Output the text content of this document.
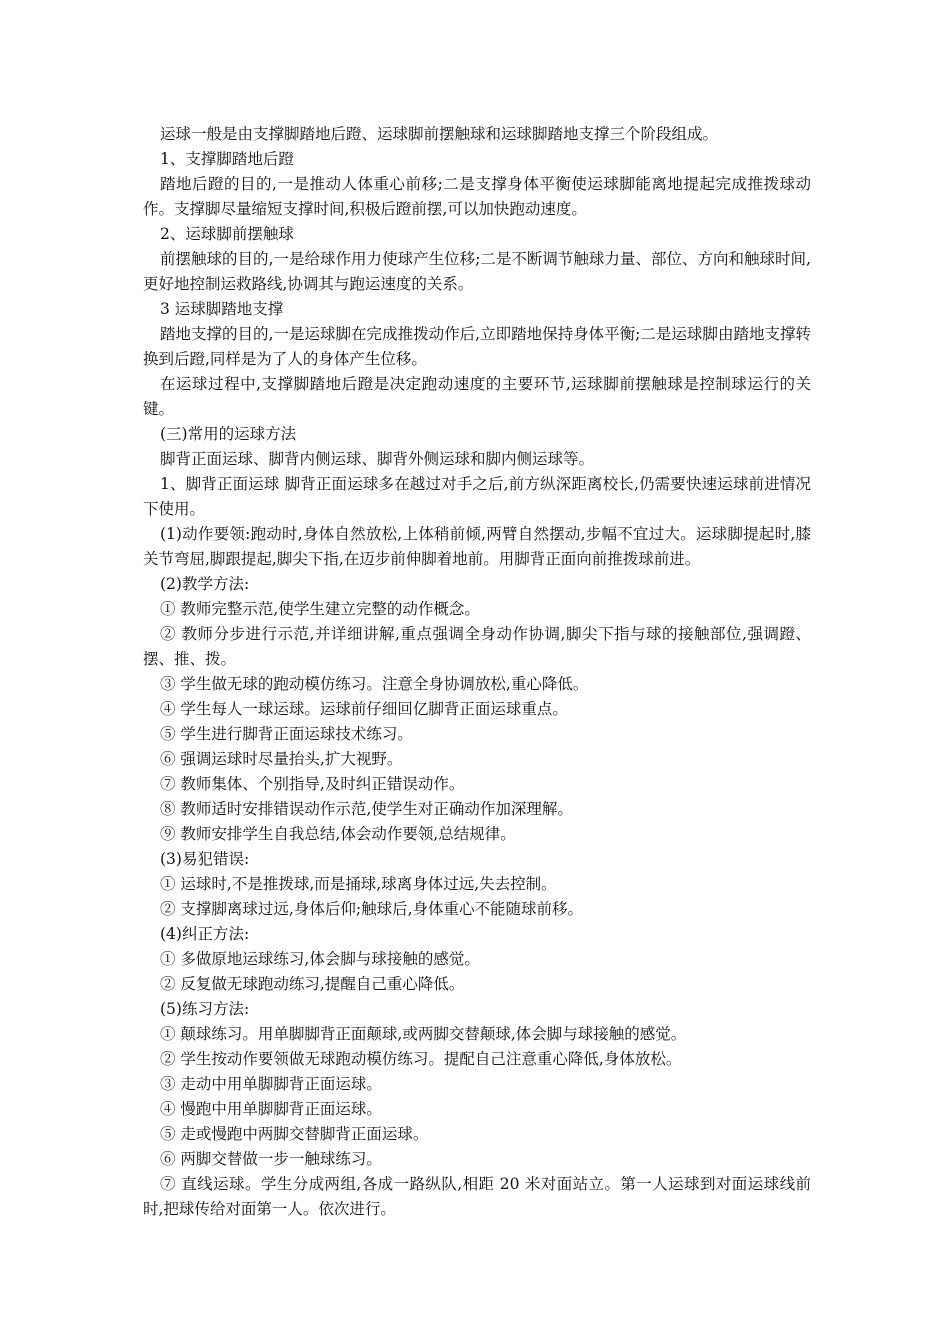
运球一般是由支撑脚踏地后蹬、运球脚前摆触球和运球脚踏地支撑三个阶段组成。

1、支撑脚踏地后蹬

踏地后蹬的目的,一是推动人体重心前移;二是支撑身体平衡使运球脚能离地提起完成推拨球动作。支撑脚尽量缩短支撑时间,积极后蹬前摆,可以加快跑动速度。

2、运球脚前摆触球

前摆触球的目的,一是给球作用力使球产生位移;二是不断调节触球力量、部位、方向和触球时间,更好地控制运救路线,协调其与跑运速度的关系。

3 运球脚踏地支撑

踏地支撑的目的,一是运球脚在完成推拨动作后,立即踏地保持身体平衡;二是运球脚由踏地支撑转换到后蹬,同样是为了人的身体产生位移。

在运球过程中,支撑脚踏地后蹬是决定跑动速度的主要环节,运球脚前摆触球是控制球运行的关键。

(三)常用的运球方法

脚背正面运球、脚背内侧运球、脚背外侧运球和脚内侧运球等。

1、脚背正面运球 脚背正面运球多在越过对手之后,前方纵深距离校长,仍需要快速运球前进情况下使用。

(1)动作要领:跑动时,身体自然放松,上体稍前倾,两臂自然摆动,步幅不宜过大。运球脚提起时,膝关节弯屈,脚跟提起,脚尖下指,在迈步前伸脚着地前。用脚背正面向前推拨球前进。

(2)教学方法:

① 教师完整示范,使学生建立完整的动作概念。

② 教师分步进行示范,并详细讲解,重点强调全身动作协调,脚尖下指与球的接触部位,强调蹬、摆、推、拨。

③ 学生做无球的跑动模仿练习。注意全身协调放松,重心降低。

④ 学生每人一球运球。运球前仔细回亿脚背正面运球重点。

⑤ 学生进行脚背正面运球技术练习。

⑥ 强调运球时尽量抬头,扩大视野。

⑦ 教师集体、个别指导,及时纠正错误动作。

⑧ 教师适时安排错误动作示范,使学生对正确动作加深理解。

⑨ 教师安排学生自我总结,体会动作要领,总结规律。

(3)易犯错误:

① 运球时,不是推拨球,而是捅球,球离身体过远,失去控制。

② 支撑脚离球过远,身体后仰;触球后,身体重心不能随球前移。

(4)纠正方法:

① 多做原地运球练习,体会脚与球接触的感觉。

② 反复做无球跑动练习,提醒自己重心降低。

(5)练习方法:

① 颠球练习。用单脚脚背正面颠球,或两脚交替颠球,体会脚与球接触的感觉。

② 学生按动作要领做无球跑动模仿练习。提配自己注意重心降低,身体放松。

③ 走动中用单脚脚背正面运球。

④ 慢跑中用单脚脚背正面运球。

⑤ 走或慢跑中两脚交替脚背正面运球。

⑥ 两脚交替做一步一触球练习。

⑦ 直线运球。学生分成两组,各成一路纵队,相距 20 米对面站立。第一人运球到对面运球线前时,把球传给对面第一人。依次进行。
